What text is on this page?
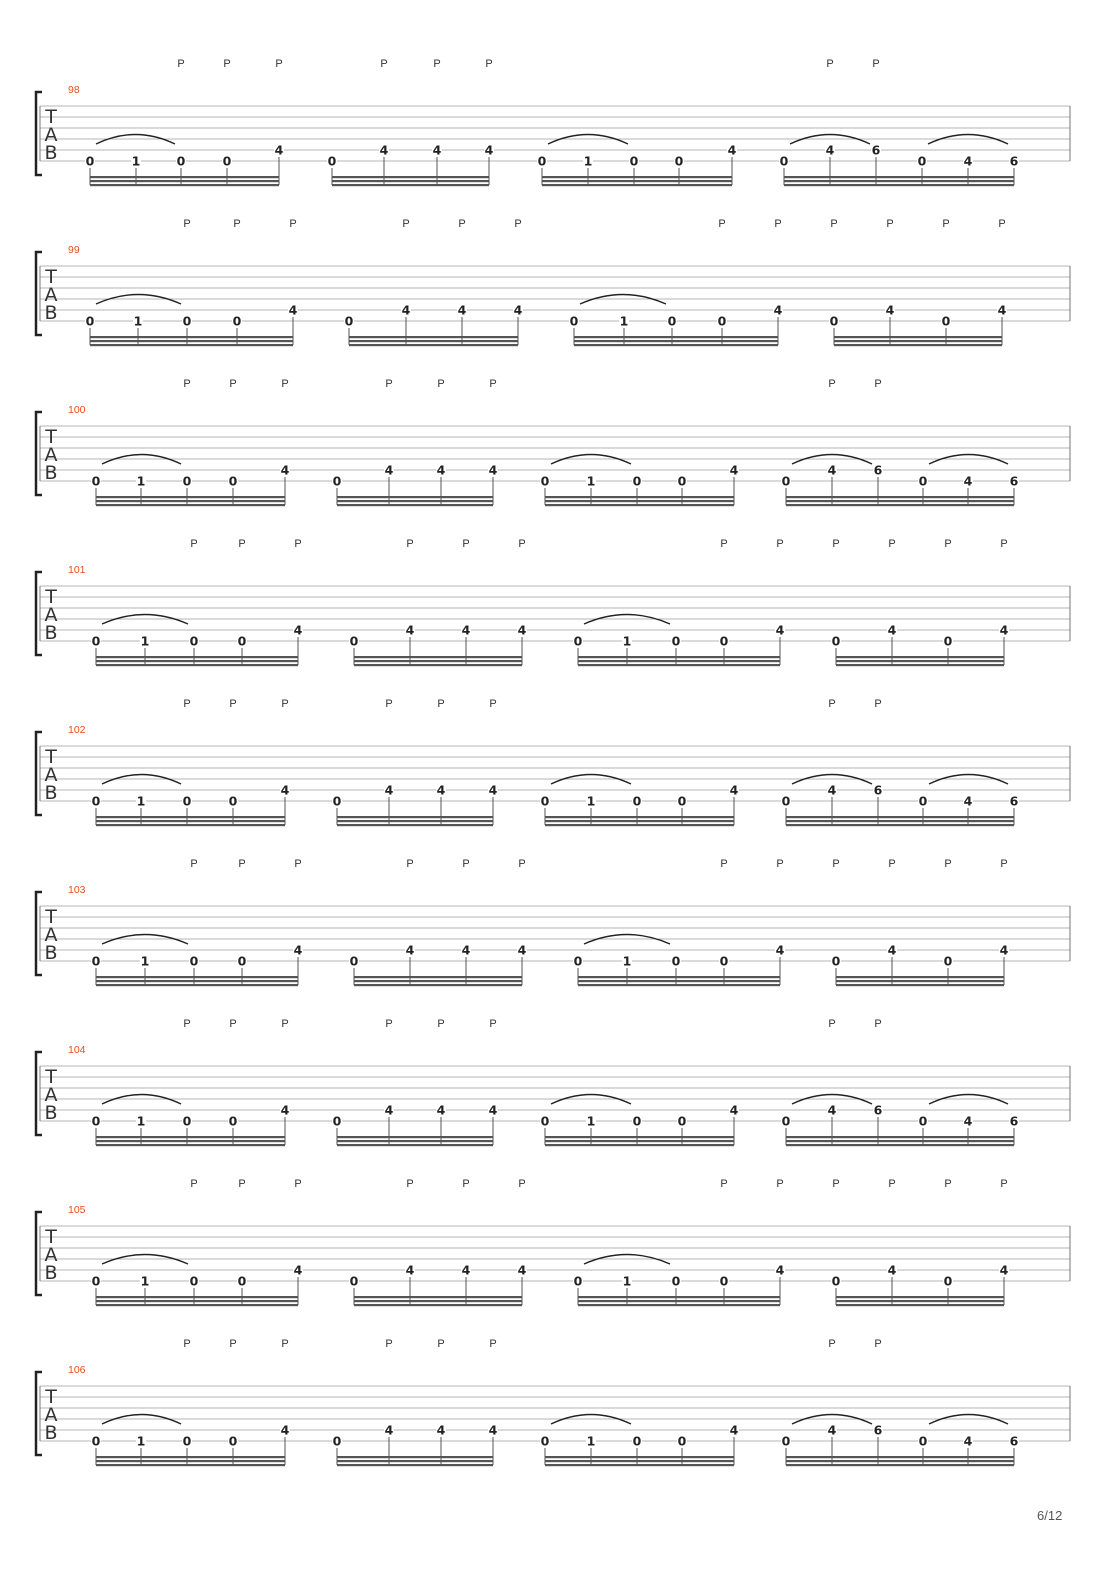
T
A
B
98
P	P	P	P	P	P	P	P
0	1	0	0
4
0
4	4	4
0	1	0	0
4
0
4	6
0	4	6
T
A
B
99
P	P	P	P	P	P	P	P	P	P	P	P
0	1	0	0
4
0
4	4	4
0	1	0	0
4
0
4
0
4
T
A
B
100
P	P	P	P	P	P	P	P
0	1	0	0
4
0
4	4	4
0	1	0	0
4
0
4	6
0	4	6
T
A
B
101
P	P	P	P	P	P	P	P	P	P	P	P
0	1	0	0
4
0
4	4	4
0	1	0	0
4
0
4
0
4
T
A
B
102
P	P	P	P	P	P	P	P
0	1	0	0
4
0
4	4	4
0	1	0	0
4
0
4	6
0	4	6
T
A
B
103
P	P	P	P	P	P	P	P	P	P	P	P
0	1	0	0
4
0
4	4	4
0	1	0	0
4
0
4
0
4
T
A
B
104
P	P	P	P	P	P	P	P
0	1	0	0
4
0
4	4	4
0	1	0	0
4
0
4	6
0	4	6
T
A
B
105
P	P	P	P	P	P	P	P	P	P	P	P
0	1	0	0
4
0
4	4	4
0	1	0	0
4
0
4
0
4
T
A
B
106
P	P	P	P	P	P	P	P
0	1	0	0
4
0
4	4	4
0	1	0	0
4
0
4	6
0	4	6
6/12
